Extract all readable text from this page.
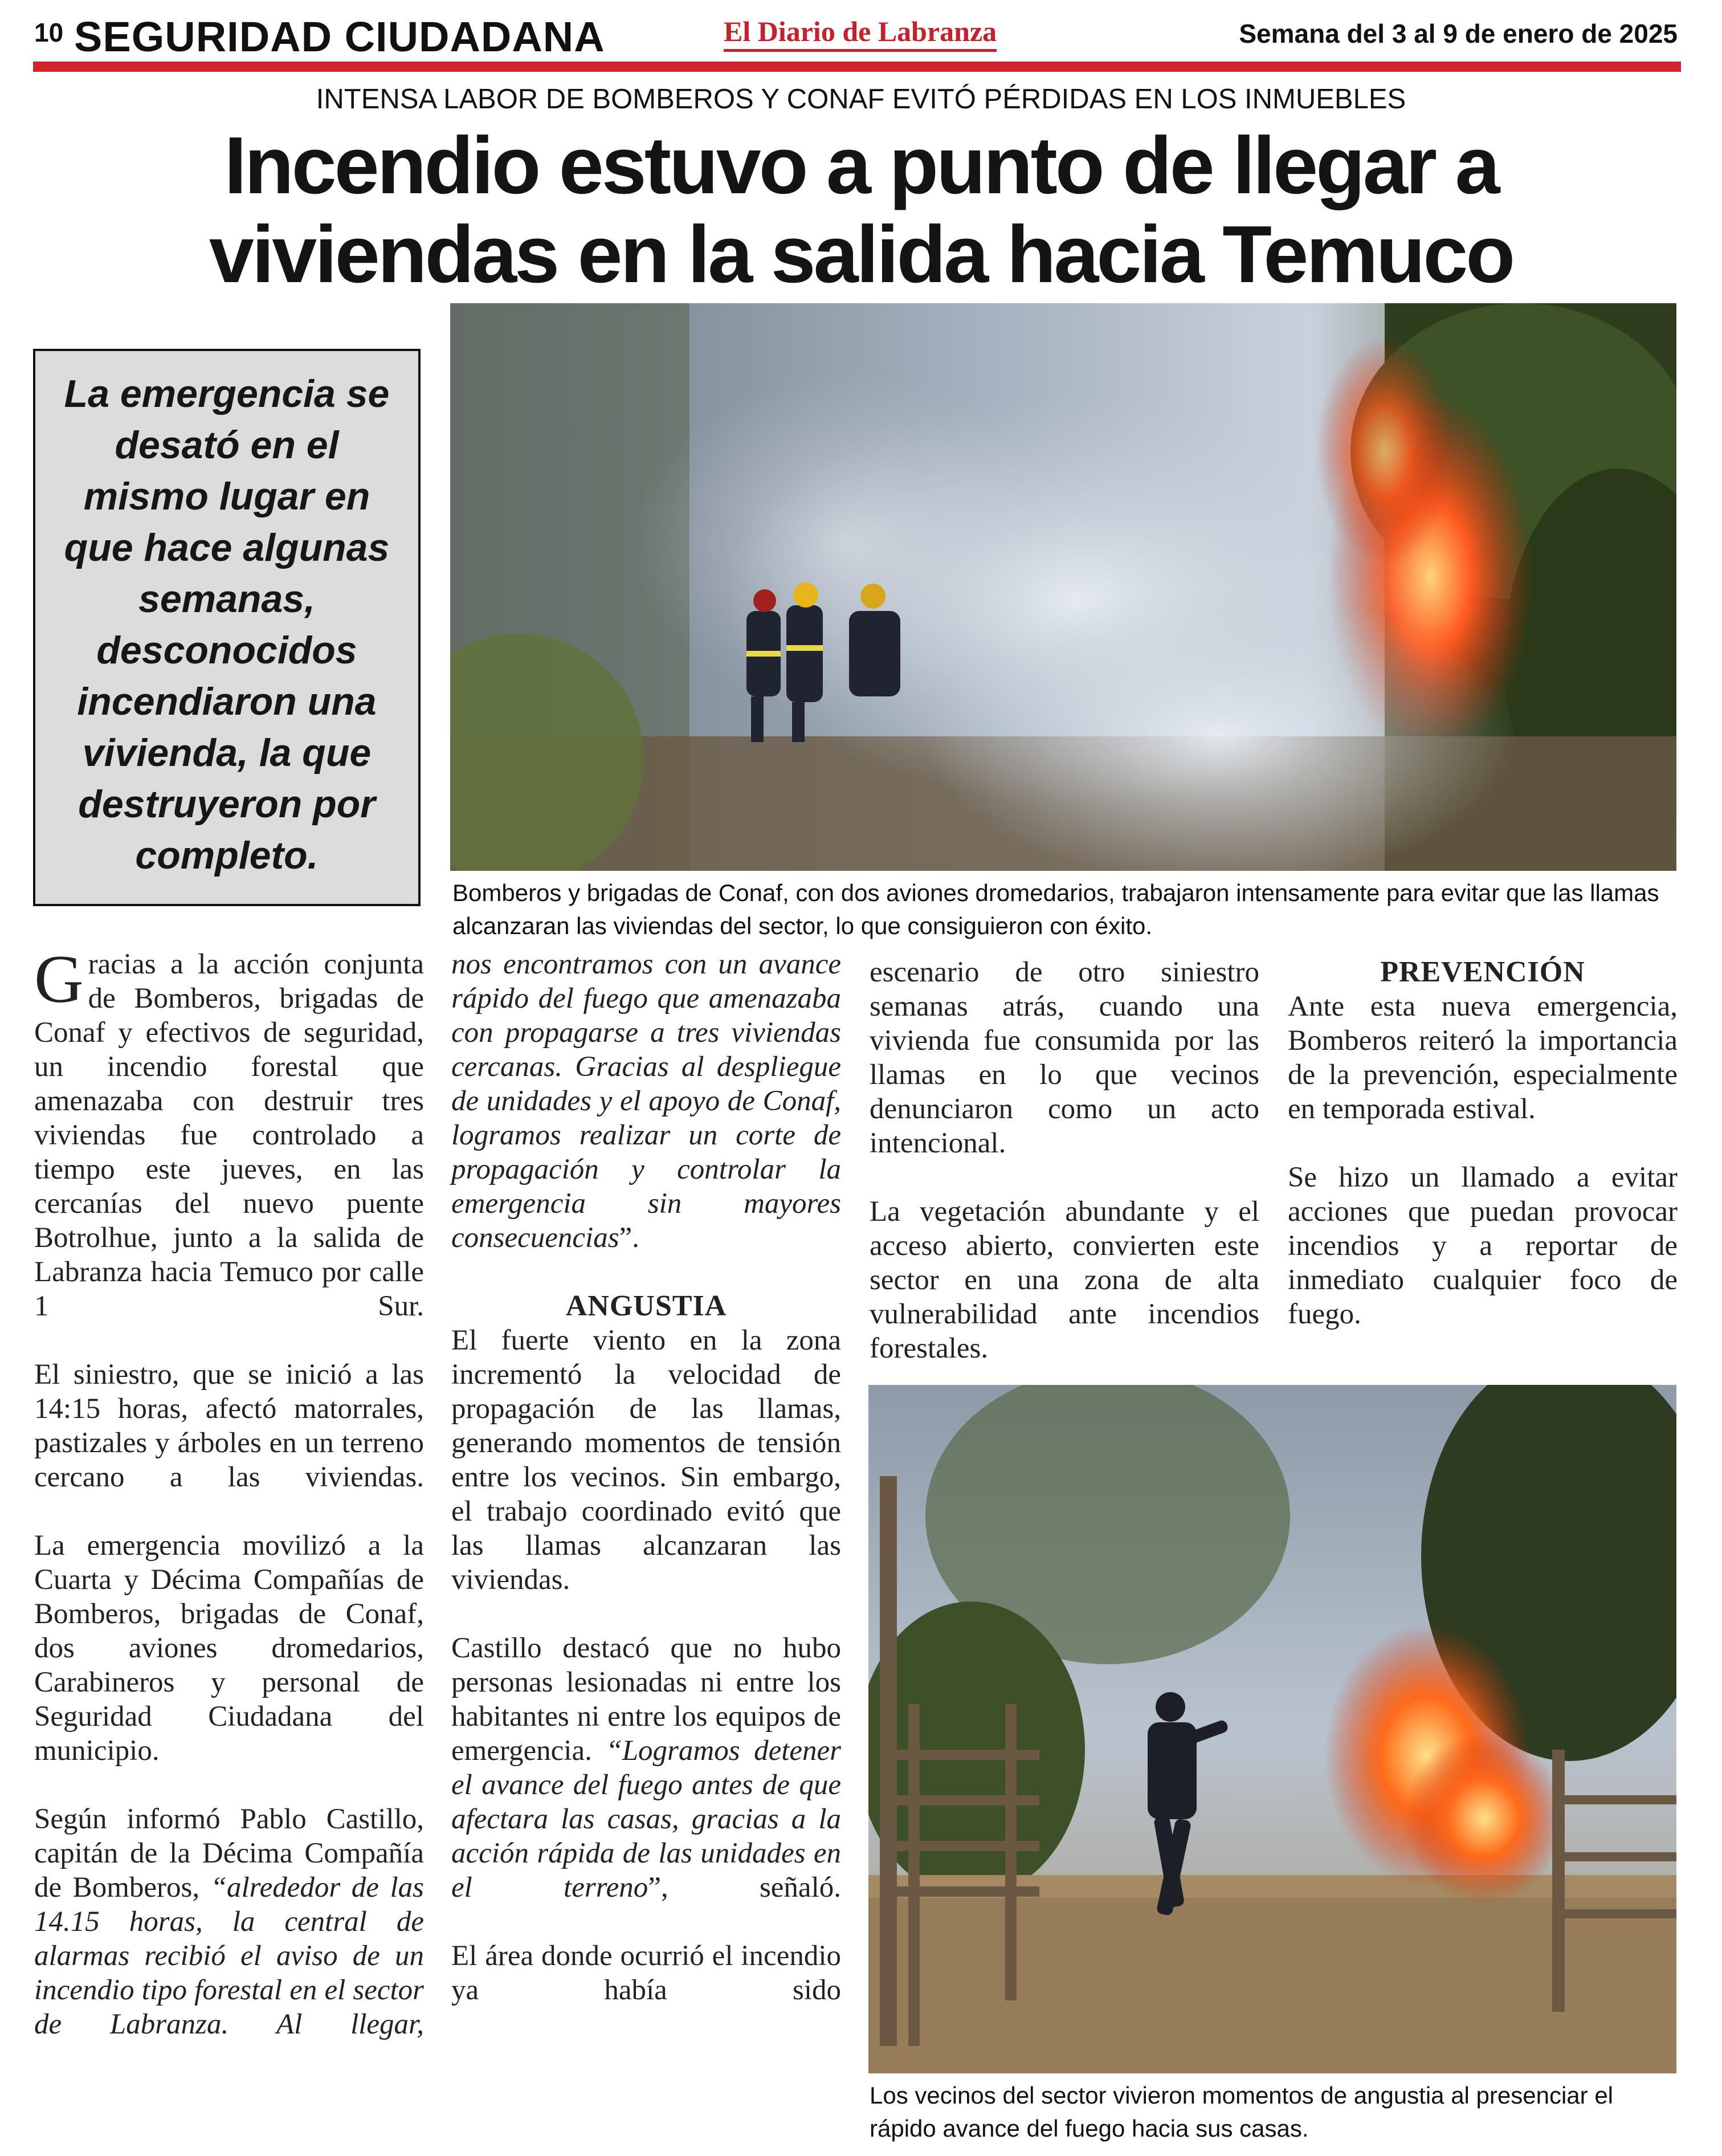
10 SEGURIDAD CIUDADANA	El Diario de Labranza	Semana del 3 al 9 de enero de 2025
INTENSA LABOR DE BOMBEROS Y CONAF EVITÓ PÉRDIDAS EN LOS INMUEBLES
Incendio estuvo a punto de llegar a
viviendas en la salida hacia Temuco
La emergencia se desató en el mismo lugar en que hace algunas semanas, desconocidos incendiaron una vivienda, la que destruyeron por completo.
Bomberos y brigadas de Conaf, con dos aviones dromedarios, trabajaron intensamente para evitar que las llamas alcanzaran las viviendas del sector, lo que consiguieron con éxito.
Los vecinos del sector vivieron momentos de angustia al presenciar el rápido avance del fuego hacia sus casas.

Gracias a la acción conjunta de Bomberos, brigadas de Conaf y efectivos de seguridad, un incendio forestal que amenazaba con destruir tres viviendas fue controlado a tiempo este jueves, en las cercanías del nuevo puente Botrolhue, junto a la salida de Labranza hacia Temuco por calle 1 Sur.

El siniestro, que se inició a las 14:15 horas, afectó matorrales, pastizales y árboles en un terreno cercano a las viviendas.

La emergencia movilizó a la Cuarta y Décima Compañías de Bomberos, brigadas de Conaf, dos aviones dromedarios, Carabineros y personal de Seguridad Ciudadana del municipio.

Según informó Pablo Castillo, capitán de la Décima Compañía de Bomberos, “alrededor de las 14.15 horas, la central de alarmas recibió el aviso de un incendio tipo forestal en el sector de Labranza. Al llegar,

nos encontramos con un avance rápido del fuego que amenazaba con propagarse a tres viviendas cercanas. Gracias al despliegue de unidades y el apoyo de Conaf, logramos realizar un corte de propagación y controlar la emergencia sin mayores consecuencias”.

ANGUSTIA

El fuerte viento en la zona incrementó la velocidad de propagación de las llamas, generando momentos de tensión entre los vecinos. Sin embargo, el trabajo coordinado evitó que las llamas alcanzaran las viviendas.

Castillo destacó que no hubo personas lesionadas ni entre los habitantes ni entre los equipos de emergencia. “Logramos detener el avance del fuego antes de que afectara las casas, gracias a la acción rápida de las unidades en el terreno”, señaló.

El área donde ocurrió el incendio ya había sido

escenario de otro siniestro semanas atrás, cuando una vivienda fue consumida por las llamas en lo que vecinos denunciaron como un acto intencional.

La vegetación abundante y el acceso abierto, convierten este sector en una zona de alta vulnerabilidad ante incendios forestales.

PREVENCIÓN

Ante esta nueva emergencia, Bomberos reiteró la importancia de la prevención, especialmente en temporada estival.

Se hizo un llamado a evitar acciones que puedan provocar incendios y a reportar de inmediato cualquier foco de fuego.
